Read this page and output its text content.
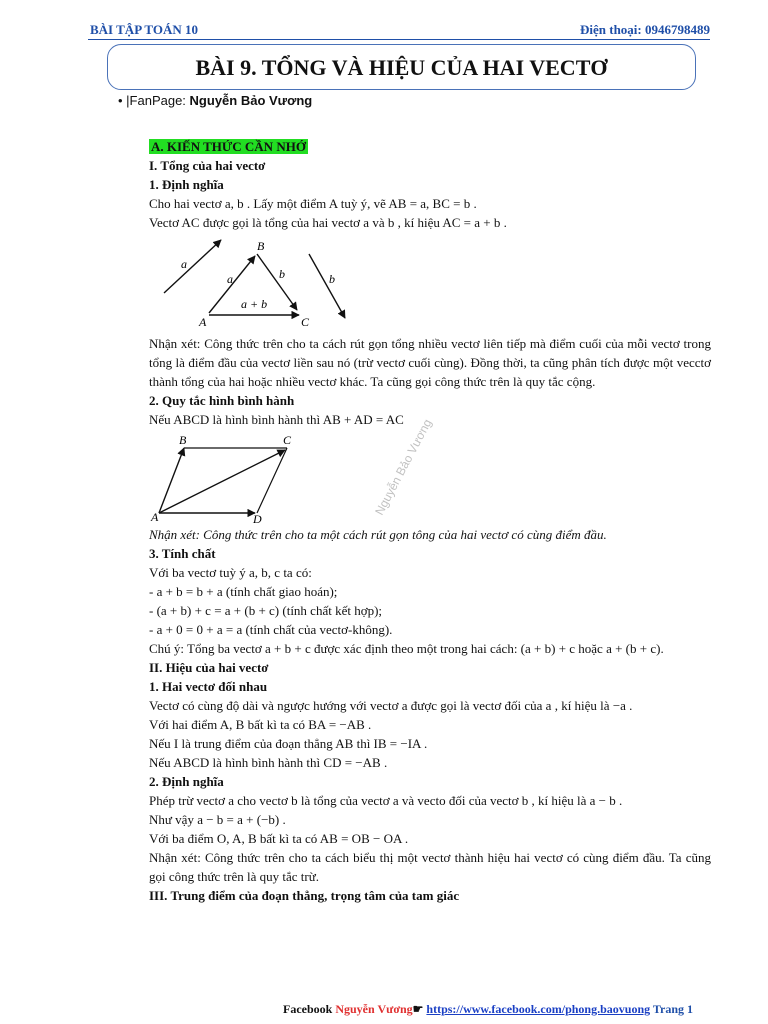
BÀI TẬP TOÁN 10	Điện thoại: 0946798489
BÀI 9. TỔNG VÀ HIỆU CỦA HAI VECTƠ
• |FanPage: Nguyễn Bảo Vương
Nguyễn Bảo Vương

A. KIẾN THỨC CẦN NHỚ

I. Tổng của hai vectơ

1. Định nghĩa

Cho hai vectơ a, b . Lấy một điểm A tuỳ ý, vẽ AB = a, BC = b .

Vectơ AC được gọi là tổng của hai vectơ a và b , kí hiệu AC = a + b .

a
a	b	b
a + b
A
B
C

Nhận xét: Công thức trên cho ta cách rút gọn tổng nhiều vectơ liên tiếp mà điểm cuối của mỗi vectơ trong tổng là điểm đầu của vectơ liền sau nó (trừ vectơ cuối cùng). Đồng thời, ta cũng phân tích được một vecctơ thành tổng của hai hoặc nhiều vectơ khác. Ta cũng gọi công thức trên là quy tắc cộng.

2. Quy tắc hình bình hành

Nếu ABCD là hình bình hành thì AB + AD = AC

B	C
A	D

Nhận xét: Công thức trên cho ta một cách rút gọn tông của hai vectơ có cùng điểm đầu.

3. Tính chất

Với ba vectơ tuỳ ý a, b, c ta có:

- a + b = b + a (tính chất giao hoán);

- (a + b) + c = a + (b + c) (tính chất kết hợp);

- a + 0 = 0 + a = a (tính chất của vectơ-không).

Chú ý: Tổng ba vectơ a + b + c được xác định theo một trong hai cách: (a + b) + c hoặc a + (b + c).

II. Hiệu của hai vectơ

1. Hai vectơ đối nhau

Vectơ có cùng độ dài và ngược hướng với vectơ a được gọi là vectơ đối của a , kí hiệu là −a .

Với hai điểm A, B bất kì ta có BA = −AB .

Nếu I là trung điểm của đoạn thẳng AB thì IB = −IA .

Nếu ABCD là hình bình hành thì CD = −AB .

2. Định nghĩa

Phép trừ vectơ a cho vectơ b là tổng của vectơ a và vecto đối của vectơ b , kí hiệu là a − b .

Như vậy a − b = a + (−b) .

Với ba điểm O, A, B bất kì ta có AB = OB − OA .

Nhận xét: Công thức trên cho ta cách biểu thị một vectơ thành hiệu hai vectơ có cùng điểm đầu. Ta cũng gọi công thức trên là quy tắc trừ.

III. Trung điểm của đoạn thẳng, trọng tâm của tam giác

Facebook Nguyễn Vương☛ https://www.facebook.com/phong.baovuong Trang 1
